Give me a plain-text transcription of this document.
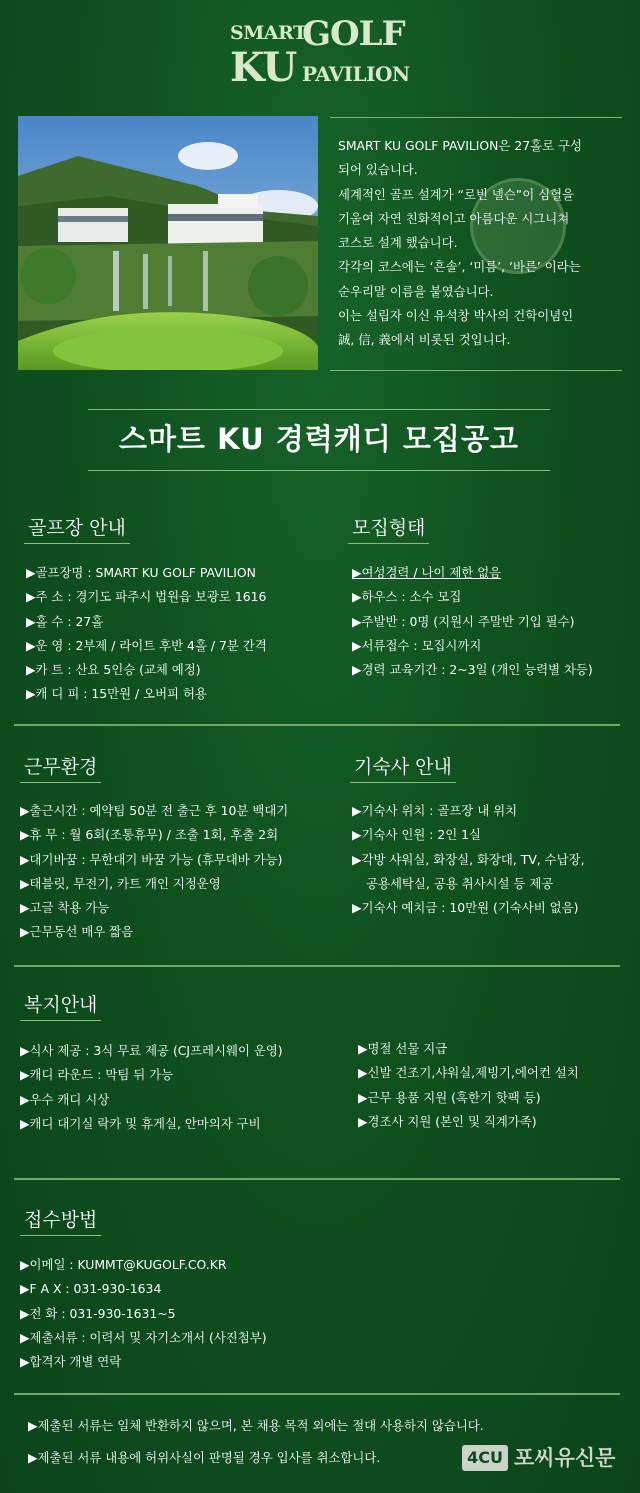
SMART
GOLF
KU PAVILION

SMART KU GOLF PAVILION은 27홀로 구성

되어 있습니다.

세계적인 골프 설계가 “로빈 넬슨”이 심혈을

기울여 자연 친화적이고 아름다운 시그니쳐

코스로 설계 했습니다.

각각의 코스에는 ‘흔솔’, ‘미름’, ‘바른’ 이라는

순우리말 이름을 붙였습니다.

이는 설립자 이신 유석창 박사의 건학이념인

誠, 信, 義에서 비롯된 것입니다.

스마트 KU 경력캐디 모집공고
골프장 안내
▶골프장명 : SMART KU GOLF PAVILION
▶주 소 : 경기도 파주시 법원읍 보광로 1616
▶홀 수 : 27홀
▶운 영 : 2부제 / 라이트 후반 4홀 / 7분 간격
▶카 트 : 산요 5인승 (교체 예정)
▶캐 디 피 : 15만원 / 오버피 허용
모집형태
▶여성경력 / 나이 제한 없음
▶하우스 : 소수 모집
▶주발반 : 0명 (지원시 주말반 기입 필수)
▶서류접수 : 모집시까지
▶경력 교육기간 : 2~3일 (개인 능력별 차등)
근무환경
▶출근시간 : 예약팀 50분 전 출근 후 10분 백대기
▶휴 무 : 월 6회(조통휴무) / 조출 1회, 후출 2회
▶대기바꿈 : 무한대기 바꿈 가능 (휴무대바 가능)
▶태블릿, 무전기, 카트 개인 지정운영
▶고글 착용 가능
▶근무동선 매우 짧음
기숙사 안내
▶기숙사 위치 : 골프장 내 위치
▶기숙사 인원 : 2인 1실
▶각방 샤워실, 화장실, 화장대, TV, 수납장,
공용세탁실, 공용 취사시설 등 제공
▶기숙사 예치금 : 10만원 (기숙사비 없음)
복지안내
▶식사 제공 : 3식 무료 제공 (CJ프레시웨이 운영)
▶캐디 라운드 : 막팀 뒤 가능
▶우수 캐디 시상
▶캐디 대기실 락카 및 휴게실, 안마의자 구비
▶명절 선물 지급
▶신발 건조기,샤워실,제빙기,에어컨 설치
▶근무 용품 지원 (혹한기 핫팩 등)
▶경조사 지원 (본인 및 직계가족)
접수방법
▶이메일 : KUMMT@KUGOLF.CO.KR
▶F A X : 031-930-1634
▶전 화 : 031-930-1631~5
▶제출서류 : 이력서 및 자기소개서 (사진첨부)
▶합격자 개별 연락
▶제출된 서류는 일체 반환하지 않으며, 본 채용 목적 외에는 절대 사용하지 않습니다.
▶제출된 서류 내용에 허위사실이 판명될 경우 입사를 취소합니다.	4CU 포씨유신문
